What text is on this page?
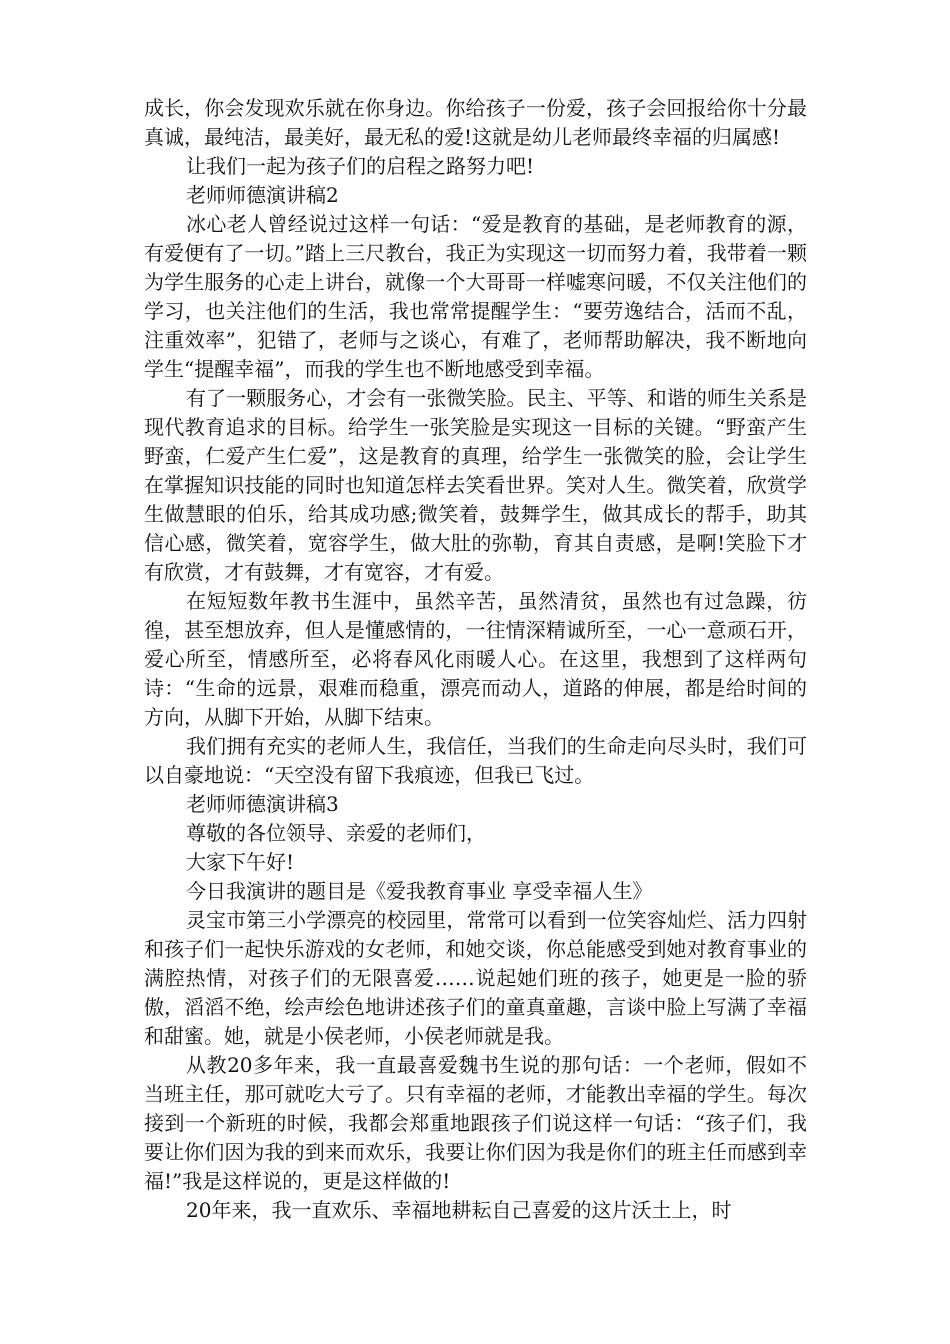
成长，你会发现欢乐就在你身边。你给孩子一份爱，孩子会回报给你十分最真诚，最纯洁，最美好，最无私的爱!这就是幼儿老师最终幸福的归属感!

让我们一起为孩子们的启程之路努力吧!

老师师德演讲稿2

冰心老人曾经说过这样一句话：“爱是教育的基础，是老师教育的源，有爱便有了一切。”踏上三尺教台，我正为实现这一切而努力着，我带着一颗为学生服务的心走上讲台，就像一个大哥哥一样嘘寒问暖，不仅关注他们的学习，也关注他们的生活，我也常常提醒学生：“要劳逸结合，活而不乱，注重效率”，犯错了，老师与之谈心，有难了，老师帮助解决，我不断地向学生“提醒幸福”，而我的学生也不断地感受到幸福。

有了一颗服务心，才会有一张微笑脸。民主、平等、和谐的师生关系是现代教育追求的目标。给学生一张笑脸是实现这一目标的关键。“野蛮产生野蛮，仁爱产生仁爱”，这是教育的真理，给学生一张微笑的脸，会让学生在掌握知识技能的同时也知道怎样去笑看世界。笑对人生。微笑着，欣赏学生做慧眼的伯乐，给其成功感;微笑着，鼓舞学生，做其成长的帮手，助其信心感，微笑着，宽容学生，做大肚的弥勒，育其自责感，是啊!笑脸下才有欣赏，才有鼓舞，才有宽容，才有爱。

在短短数年教书生涯中，虽然辛苦，虽然清贫，虽然也有过急躁，彷徨，甚至想放弃，但人是懂感情的，一往情深精诚所至，一心一意顽石开，爱心所至，情感所至，必将春风化雨暖人心。在这里，我想到了这样两句诗：“生命的远景，艰难而稳重，漂亮而动人，道路的伸展，都是给时间的方向，从脚下开始，从脚下结束。

我们拥有充实的老师人生，我信任，当我们的生命走向尽头时，我们可以自豪地说：“天空没有留下我痕迹，但我已飞过。

老师师德演讲稿3

尊敬的各位领导、亲爱的老师们，

大家下午好!

今日我演讲的题目是《爱我教育事业 享受幸福人生》

灵宝市第三小学漂亮的校园里，常常可以看到一位笑容灿烂、活力四射和孩子们一起快乐游戏的女老师，和她交谈，你总能感受到她对教育事业的满腔热情，对孩子们的无限喜爱……说起她们班的孩子，她更是一脸的骄傲，滔滔不绝，绘声绘色地讲述孩子们的童真童趣，言谈中脸上写满了幸福和甜蜜。她，就是小侯老师，小侯老师就是我。

从教20多年来，我一直最喜爱魏书生说的那句话：一个老师，假如不当班主任，那可就吃大亏了。只有幸福的老师，才能教出幸福的学生。每次接到一个新班的时候，我都会郑重地跟孩子们说这样一句话：“孩子们，我要让你们因为我的到来而欢乐，我要让你们因为我是你们的班主任而感到幸福!”我是这样说的，更是这样做的!

20年来，我一直欢乐、幸福地耕耘自己喜爱的这片沃土上，时
